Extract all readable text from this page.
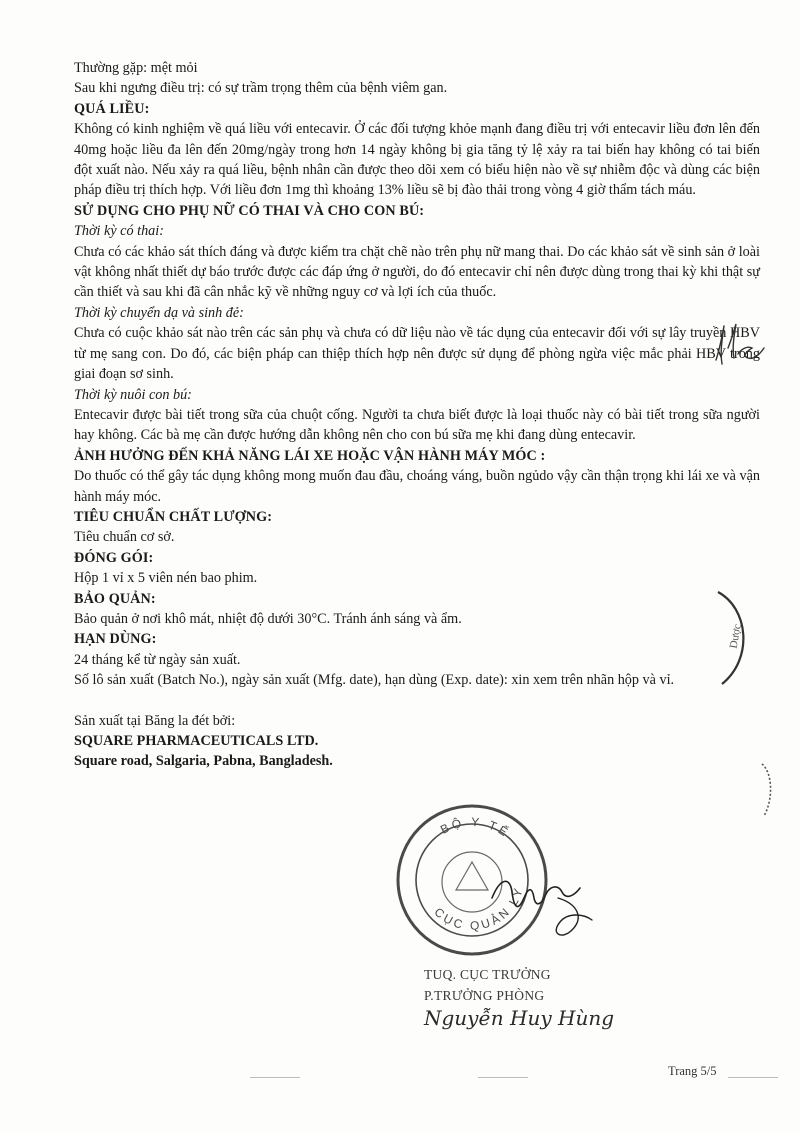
Thường gặp: mệt mỏi

Sau khi ngưng điều trị: có sự trầm trọng thêm của bệnh viêm gan.

QUÁ LIỀU:

Không có kinh nghiệm về quá liều với entecavir. Ở các đối tượng khỏe mạnh đang điều trị với entecavir liều đơn lên đến 40mg hoặc liều đa lên đến 20mg/ngày trong hơn 14 ngày không bị gia tăng tỷ lệ xảy ra tai biến hay không có tai biến đột xuất nào. Nếu xảy ra quá liều, bệnh nhân cần được theo dõi xem có biểu hiện nào về sự nhiễm độc và dùng các biện pháp điều trị thích hợp. Với liều đơn 1mg thì khoảng 13% liều sẽ bị đào thải trong vòng 4 giờ thẩm tách máu.

SỬ DỤNG CHO PHỤ NỮ CÓ THAI VÀ CHO CON BÚ:

Thời kỳ có thai:

Chưa có các khảo sát thích đáng và được kiểm tra chặt chẽ nào trên phụ nữ mang thai. Do các khảo sát về sinh sản ở loài vật không nhất thiết dự báo trước được các đáp ứng ở người, do đó entecavir chỉ nên được dùng trong thai kỳ khi thật sự cần thiết và sau khi đã cân nhắc kỹ về những nguy cơ và lợi ích của thuốc.

Thời kỳ chuyển dạ và sinh đẻ:

Chưa có cuộc khảo sát nào trên các sản phụ và chưa có dữ liệu nào về tác dụng của entecavir đối với sự lây truyền HBV từ mẹ sang con. Do đó, các biện pháp can thiệp thích hợp nên được sử dụng để phòng ngừa việc mắc phải HBV trong giai đoạn sơ sinh.

Thời kỳ nuôi con bú:

Entecavir được bài tiết trong sữa của chuột cống. Người ta chưa biết được là loại thuốc này có bài tiết trong sữa người hay không. Các bà mẹ cần được hướng dẫn không nên cho con bú sữa mẹ khi đang dùng entecavir.

ẢNH HƯỞNG ĐẾN KHẢ NĂNG LÁI XE HOẶC VẬN HÀNH MÁY MÓC :

Do thuốc có thể gây tác dụng không mong muốn đau đầu, choáng váng, buồn ngủdo vậy cần thận trọng khi lái xe và vận hành máy móc.

TIÊU CHUẨN CHẤT LƯỢNG:

Tiêu chuẩn cơ sở.

ĐÓNG GÓI:

Hộp 1 vỉ x 5 viên nén bao phim.

BẢO QUẢN:

Bảo quản ở nơi khô mát, nhiệt độ dưới 30°C. Tránh ánh sáng và ẩm.

HẠN DÙNG:

24 tháng kể từ ngày sản xuất.

Số lô sản xuất (Batch No.), ngày sản xuất (Mfg. date), hạn dùng (Exp. date): xin xem trên nhãn hộp và vỉ.

Sản xuất tại Băng la đét bởi:

SQUARE PHARMACEUTICALS LTD.

Square road, Salgaria, Pabna, Bangladesh.

Dược
BỘ Y TẾ
CỤC QUẢN LÝ

TUQ. CỤC TRƯỞNG

P.TRƯỞNG PHÒNG

Nguyễn Huy Hùng

Trang 5/5
